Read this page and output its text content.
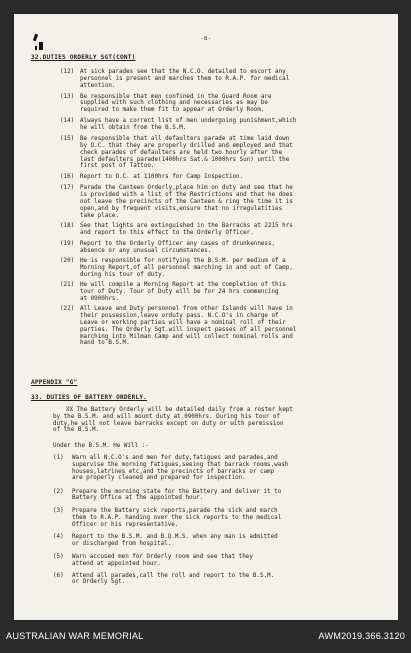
-8-
32.DUTIES ORDERLY SGT(CONT)
(12) At sick parades see that the N.C.O. detailed to escort any
personnel is present and marches them to R.A.P. for medical
attention.
(13) Be responsible that men confined in the Guard Room are
supplied with such clothing and necessaries as may be
required to make them fit to appear at Orderly Room.
(14) Always have a correct list of men undergoing punishment,which
he will obtain from the B.S.M.
(15) Be responsible that all defaulters parade at time laid down
by O.C. that they are properly drilled and employed and that
check parades of defaulters are held two hourly after the
last defaulters parade(1400hrs Sat.& 1000hrs Sun) until the
first post of Tattoo.
(16) Report to O.C. at 1100hrs for Camp Inspection.
(17) Parade the Canteen Orderly,place him on duty and see that he
is provided with a list of the Restrictions and that he does
not leave the precincts of the Canteen & ring the time it is
open,and by frequent visits,ensure that no irregulatities
take place.
(18) See that lights are extinguished in the Barracks at 2215 hrs
and report to this effect to the Orderly Officer.
(19) Report to the Orderly Officer any cases of drunkenness,
absence or any unusual circumstances.
(20) He is responsible for notifying the B.S.M. per medium of a
Morning Report,of all personnel marching in and out of Camp,
during his tour of duty.
(21) He will compile a Morning Report at the completion of this
tour of Duty. Tour of Duty will be for 24 hrs commencing
at 0900hrs.
(22) All Leave and Duty personnel from other Islands will have in
their possession,leave orduty pass. N.C.O's in charge of
Leave or working parties will have a nominal roll of their
parties. The Orderly Sgt.will inspect passes of all personnel
marching into Milman Camp and will collect nominal rolls and
hand to B.S.M.
APPENDIX "G"
33. DUTIES OF BATTERY ORDERLY.
XX The Battery Orderly will be detailed daily from a roster kept
by the B.S.M. and will mount duty at 0900hrs. During his tour of
duty,he will not leave barracks except on duty or with permission
of the B.S.M.
Under the B.S.M. He Will :-
(1) Warn all N.C.O's and men for duty,fatigues and parades,and
supervise the morning fatigues,seeing that barrack rooms,wash
houses,latrines etc,and the precincts of barracks or camp
are properly cleaned and prepared for inspection.
(2) Prepare the morning state for the Battery and deliver it to
Battery Office at the appointed hour.
(3) Prepare the Battery sick reports,parade the sick and march
them to R.A.P. handing over the sick reports to the medical
Officer or his representative.
(4) Report to the B.S.M. and B.Q.M.S. when any man is admitted
or discharged from hospital.
(5) Warn accused men for Orderly room and see that they
attend at appointed hour.
(6) Attend all parades,call the roll and report to the B.S.M.
or Orderly Sgt.
AUSTRALIAN WAR MEMORIAL	AWM2019.366.3120
